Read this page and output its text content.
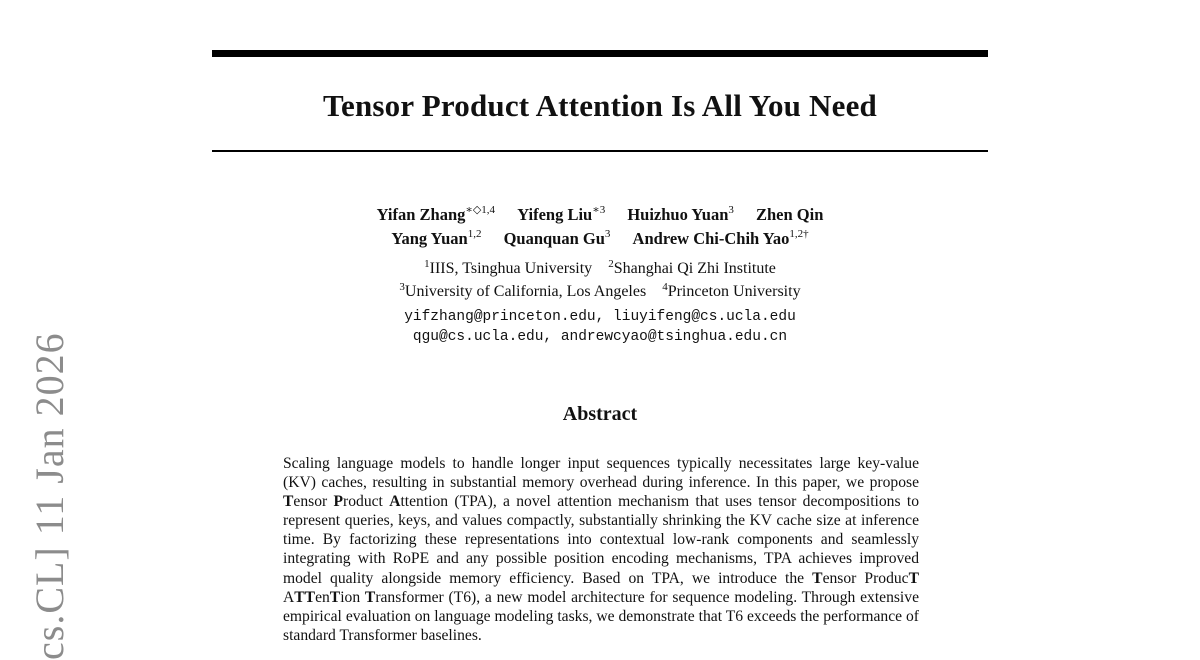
Tensor Product Attention Is All You Need
Yifan Zhang$^{∗◇1,4}$ Yifeng Liu$^{∗3}$ Huizhuo Yuan$^3$ Zhen Qin
Yang Yuan$^{1,2}$ Quanquan Gu$^3$ Andrew Chi-Chih Yao$^{1,2\dagger}$
$^1$IIIS, Tsinghua University $^2$Shanghai Qi Zhi Institute
$^3$University of California, Los Angeles $^4$Princeton University
yifzhang@princeton.edu, liuyifeng@cs.ucla.edu
qgu@cs.ucla.edu, andrewcyao@tsinghua.edu.cn
Abstract

Scaling language models to handle longer input sequences typically necessitates large key-value (KV) caches, resulting in substantial memory overhead during inference. In this paper, we propose Tensor Product Attention (TPA), a novel attention mechanism that uses tensor decompositions to represent queries, keys, and values compactly, substantially shrinking the KV cache size at inference time. By factorizing these representations into contextual low-rank components and seamlessly integrating with RoPE and any possible position encoding mechanisms, TPA achieves improved model quality alongside memory efficiency. Based on TPA, we introduce the Tensor ProducT ATTenTion Transformer (T6), a new model architecture for sequence modeling. Through extensive empirical evaluation on language modeling tasks, we demonstrate that T6 exceeds the performance of standard Transformer baselines.

cs.CL] 11 Jan 2026
